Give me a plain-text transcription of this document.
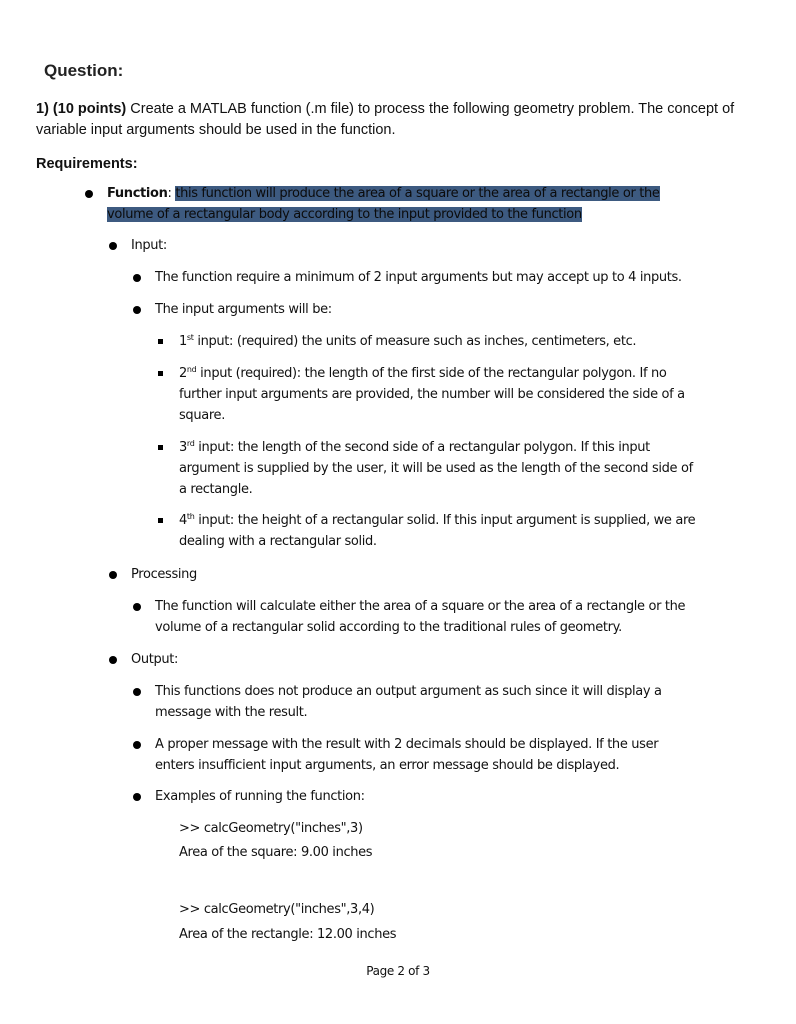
Question:
1) (10 points) Create a MATLAB function (.m file) to process the following geometry problem. The concept of variable input arguments should be used in the function.
Requirements:
Function: this function will produce the area of a square or the area of a rectangle or the
volume of a rectangular body according to the input provided to the function
Input:
The function require a minimum of 2 input arguments but may accept up to 4 inputs.
The input arguments will be:
1st input: (required) the units of measure such as inches, centimeters, etc.
2nd input (required): the length of the first side of the rectangular polygon. If no
further input arguments are provided, the number will be considered the side of a
square.
3rd input: the length of the second side of a rectangular polygon. If this input
argument is supplied by the user, it will be used as the length of the second side of
a rectangle.
4th input: the height of a rectangular solid. If this input argument is supplied, we are
dealing with a rectangular solid.
Processing
The function will calculate either the area of a square or the area of a rectangle or the
volume of a rectangular solid according to the traditional rules of geometry.
Output:
This functions does not produce an output argument as such since it will display a
message with the result.
A proper message with the result with 2 decimals should be displayed. If the user
enters insufficient input arguments, an error message should be displayed.
Examples of running the function:
>> calcGeometry("inches",3)
Area of the square: 9.00 inches
>> calcGeometry("inches",3,4)
Area of the rectangle: 12.00 inches
Page 2 of 3
